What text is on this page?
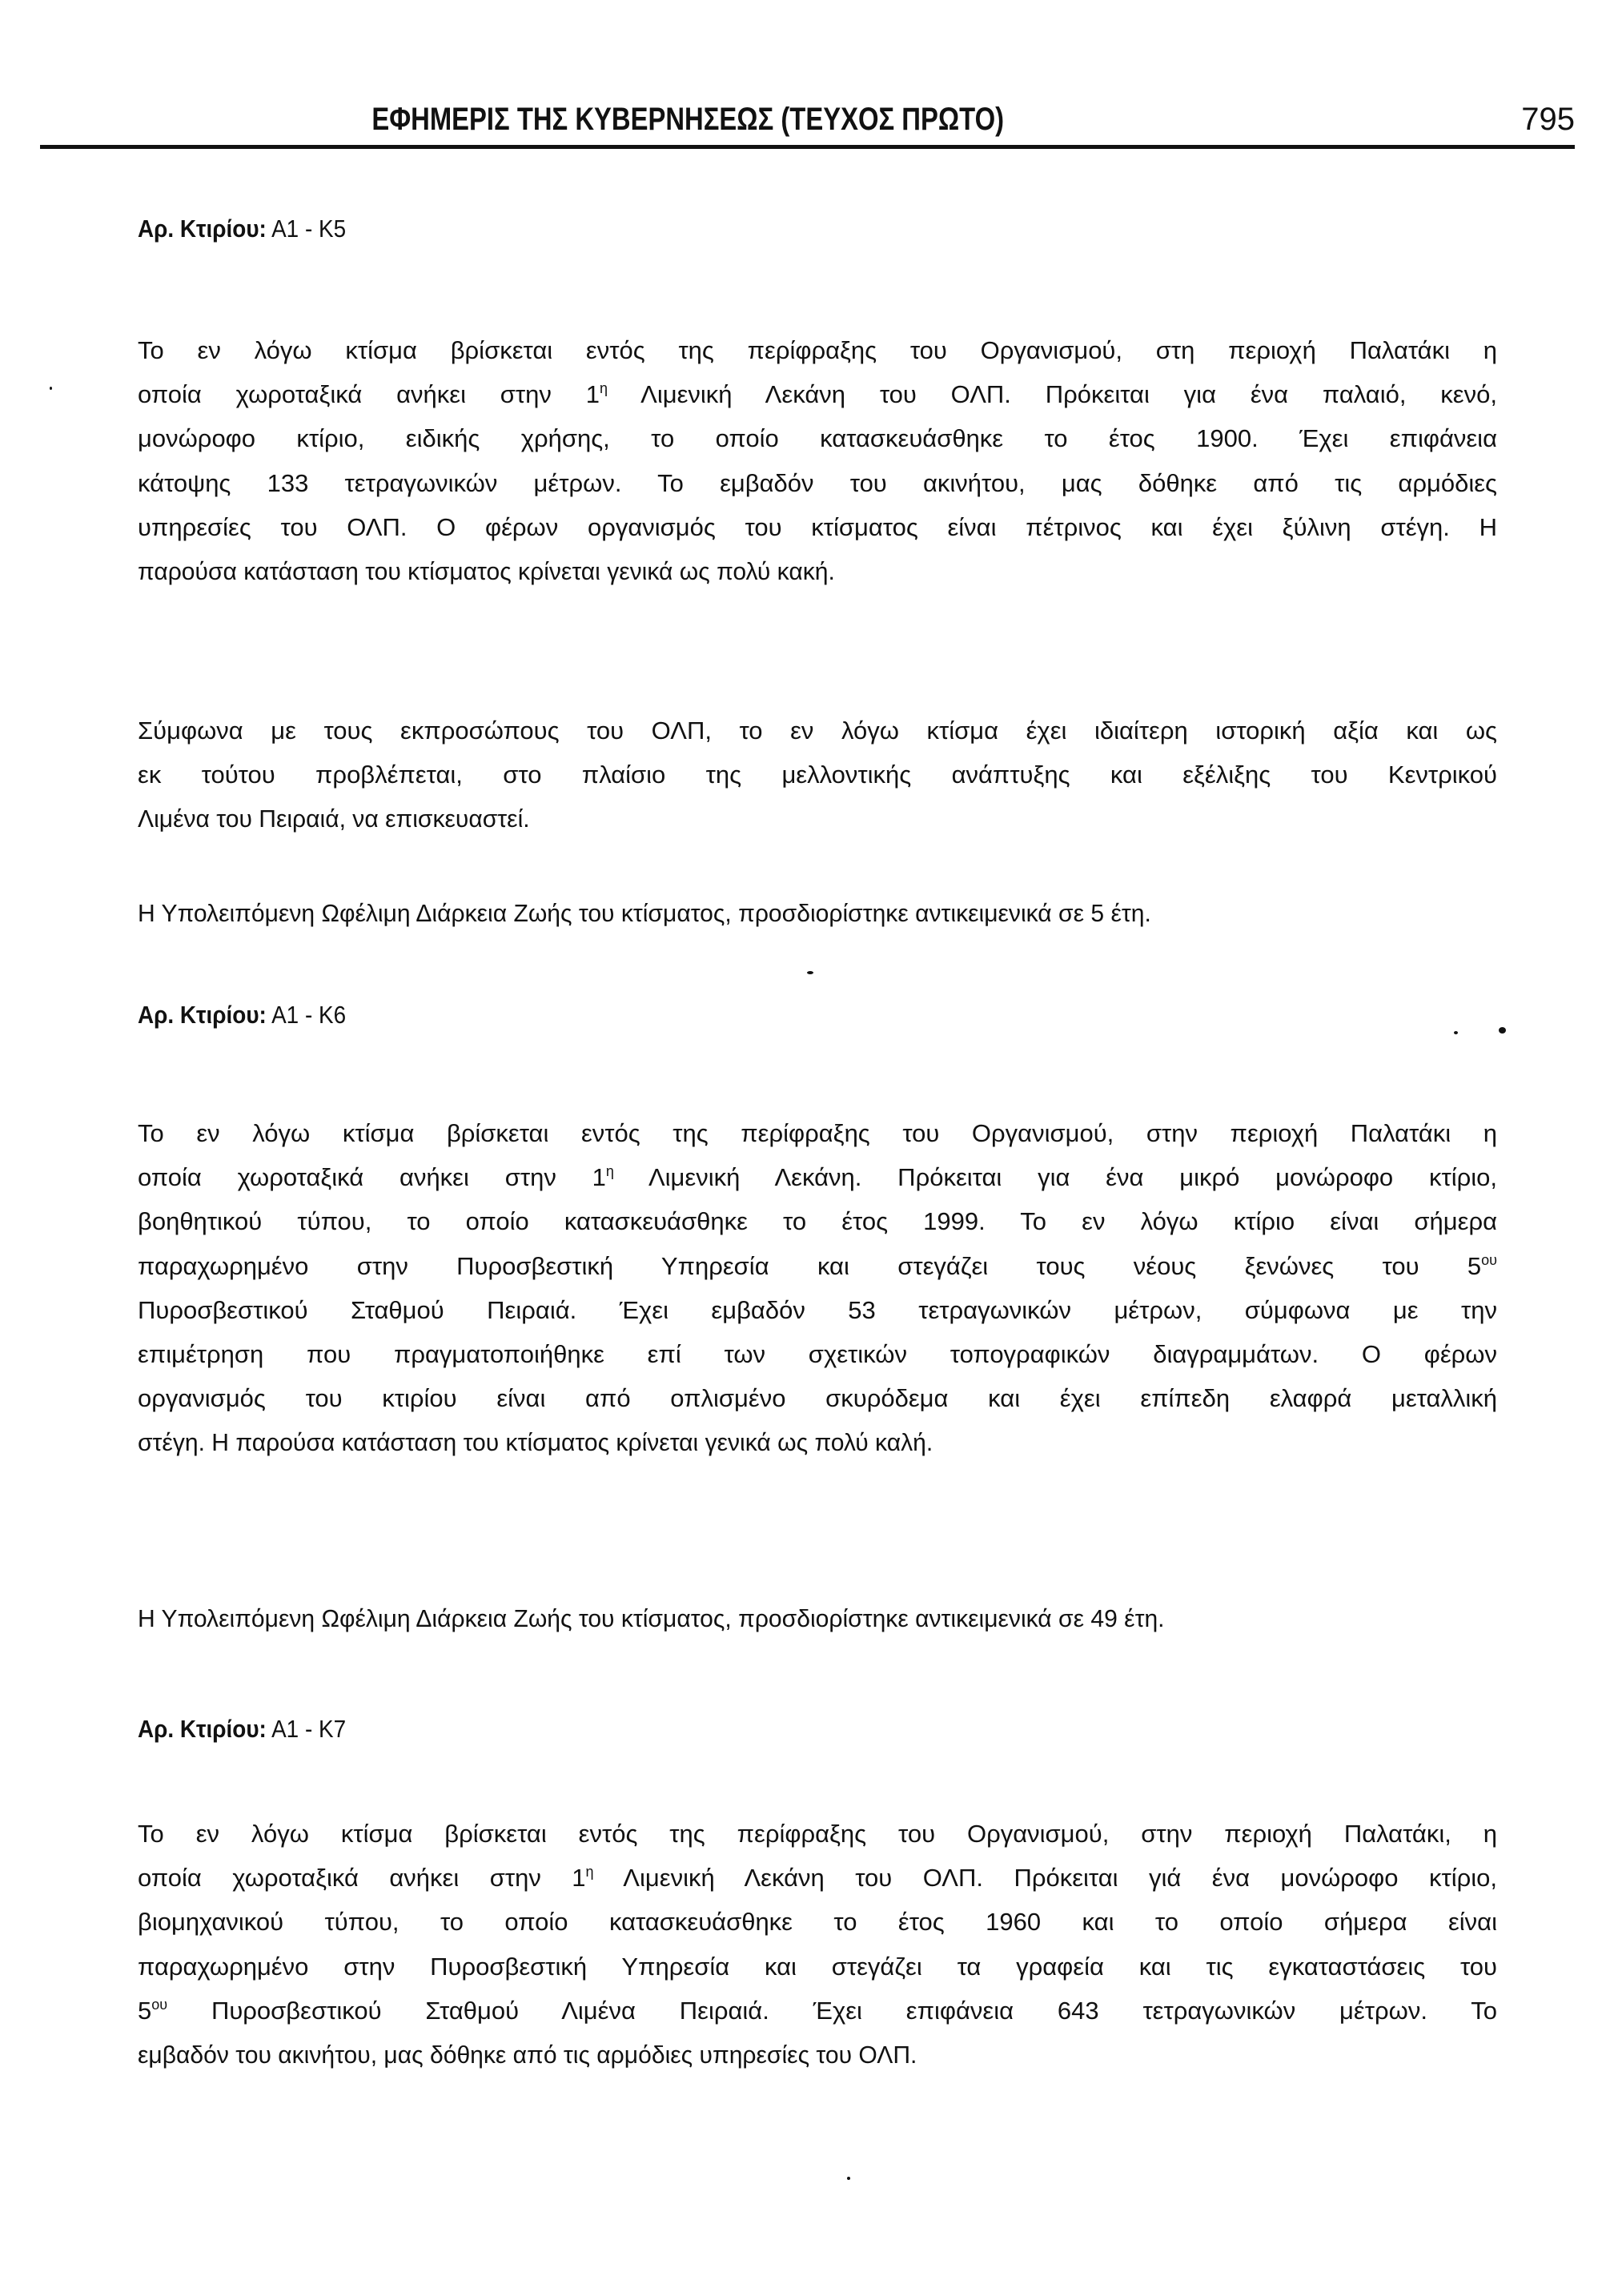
ΕΦΗΜΕΡΙΣ ΤΗΣ ΚΥΒΕΡΝΗΣΕΩΣ (ΤΕΥΧΟΣ ΠΡΩΤΟ)	795
Αρ. Κτιρίου: Α1 - Κ5
Το εν λόγω κτίσμα βρίσκεται εντός της περίφραξης του Οργανισμού, στη περιοχή Παλατάκι η
οποία χωροταξικά ανήκει στην $1^\eta$ Λιμενική Λεκάνη του ΟΛΠ. Πρόκειται για ένα παλαιό, κενό,
μονώροφο κτίριο, ειδικής χρήσης, το οποίο κατασκευάσθηκε το έτος 1900. Έχει επιφάνεια
κάτοψης 133 τετραγωνικών μέτρων. Το εμβαδόν του ακινήτου, μας δόθηκε από τις αρμόδιες
υπηρεσίες του ΟΛΠ. Ο φέρων οργανισμός του κτίσματος είναι πέτρινος και έχει ξύλινη στέγη. Η
παρούσα κατάσταση του κτίσματος κρίνεται γενικά ως πολύ κακή.
Σύμφωνα με τους εκπροσώπους του ΟΛΠ, το εν λόγω κτίσμα έχει ιδιαίτερη ιστορική αξία και ως
εκ τούτου προβλέπεται, στο πλαίσιο της μελλοντικής ανάπτυξης και εξέλιξης του Κεντρικού
Λιμένα του Πειραιά, να επισκευαστεί.
Η Υπολειπόμενη Ωφέλιμη Διάρκεια Ζωής του κτίσματος, προσδιορίστηκε αντικειμενικά σε 5 έτη.
Αρ. Κτιρίου: Α1 - Κ6
Το εν λόγω κτίσμα βρίσκεται εντός της περίφραξης του Οργανισμού, στην περιοχή Παλατάκι η
οποία χωροταξικά ανήκει στην $1^\eta$ Λιμενική Λεκάνη. Πρόκειται για ένα μικρό μονώροφο κτίριο,
βοηθητικού τύπου, το οποίο κατασκευάσθηκε το έτος 1999. Το εν λόγω κτίριο είναι σήμερα
παραχωρημένο στην Πυροσβεστική Υπηρεσία και στεγάζει τους νέους ξενώνες του $5^{o\upsilon}$
Πυροσβεστικού Σταθμού Πειραιά. Έχει εμβαδόν 53 τετραγωνικών μέτρων, σύμφωνα με την
επιμέτρηση που πραγματοποιήθηκε επί των σχετικών τοπογραφικών διαγραμμάτων. Ο φέρων
οργανισμός του κτιρίου είναι από οπλισμένο σκυρόδεμα και έχει επίπεδη ελαφρά μεταλλική
στέγη. Η παρούσα κατάσταση του κτίσματος κρίνεται γενικά ως πολύ καλή.
Η Υπολειπόμενη Ωφέλιμη Διάρκεια Ζωής του κτίσματος, προσδιορίστηκε αντικειμενικά σε 49 έτη.
Αρ. Κτιρίου: Α1 - Κ7
Το εν λόγω κτίσμα βρίσκεται εντός της περίφραξης του Οργανισμού, στην περιοχή Παλατάκι, η
οποία χωροταξικά ανήκει στην $1^\eta$ Λιμενική Λεκάνη του ΟΛΠ. Πρόκειται γιά ένα μονώροφο κτίριο,
βιομηχανικού τύπου, το οποίο κατασκευάσθηκε το έτος 1960 και το οποίο σήμερα είναι
παραχωρημένο στην Πυροσβεστική Υπηρεσία και στεγάζει τα γραφεία και τις εγκαταστάσεις του
$5^{o\upsilon}$ Πυροσβεστικού Σταθμού Λιμένα Πειραιά. Έχει επιφάνεια 643 τετραγωνικών μέτρων. Το
εμβαδόν του ακινήτου, μας δόθηκε από τις αρμόδιες υπηρεσίες του ΟΛΠ.
